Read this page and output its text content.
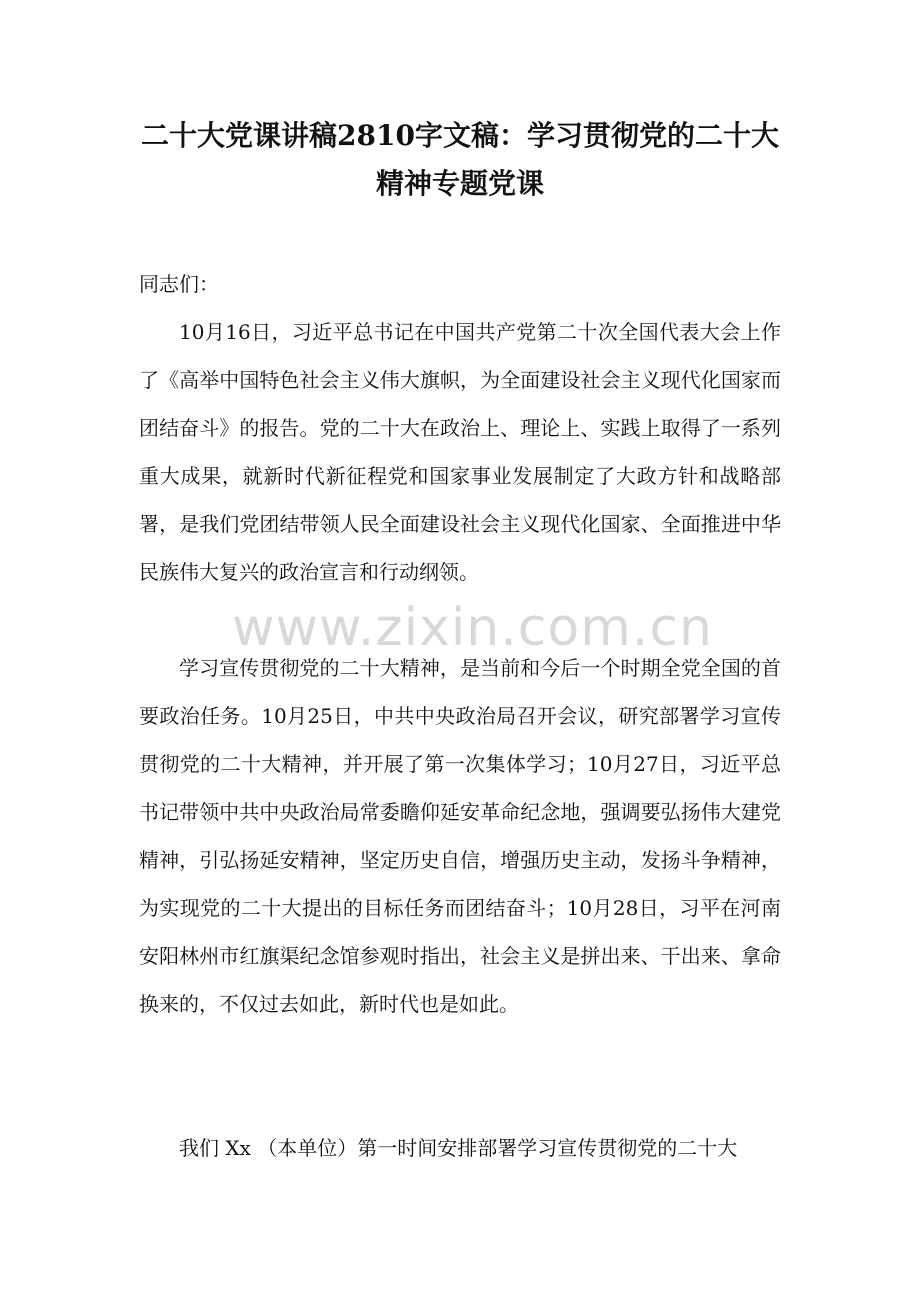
二十大党课讲稿2810字文稿：学习贯彻党的二十大
精神专题党课
同志们：
10月16日，习近平总书记在中国共产党第二十次全国代表大会上作了《高举中国特色社会主义伟大旗帜，为全面建设社会主义现代化国家而团结奋斗》的报告。党的二十大在政治上、理论上、实践上取得了一系列重大成果，就新时代新征程党和国家事业发展制定了大政方针和战略部署，是我们党团结带领人民全面建设社会主义现代化国家、全面推进中华民族伟大复兴的政治宣言和行动纲领。
www.zixin.com.cn
学习宣传贯彻党的二十大精神，是当前和今后一个时期全党全国的首要政治任务。10月25日，中共中央政治局召开会议，研究部署学习宣传贯彻党的二十大精神，并开展了第一次集体学习；10月27日，习近平总书记带领中共中央政治局常委瞻仰延安革命纪念地，强调要弘扬伟大建党精神，引弘扬延安精神，坚定历史自信，增强历史主动，发扬斗争精神，为实现党的二十大提出的目标任务而团结奋斗；10月28日，习平在河南安阳林州市红旗渠纪念馆参观时指出，社会主义是拼出来、干出来、拿命换来的，不仅过去如此，新时代也是如此。
我们 Xx （本单位）第一时间安排部署学习宣传贯彻党的二十大
